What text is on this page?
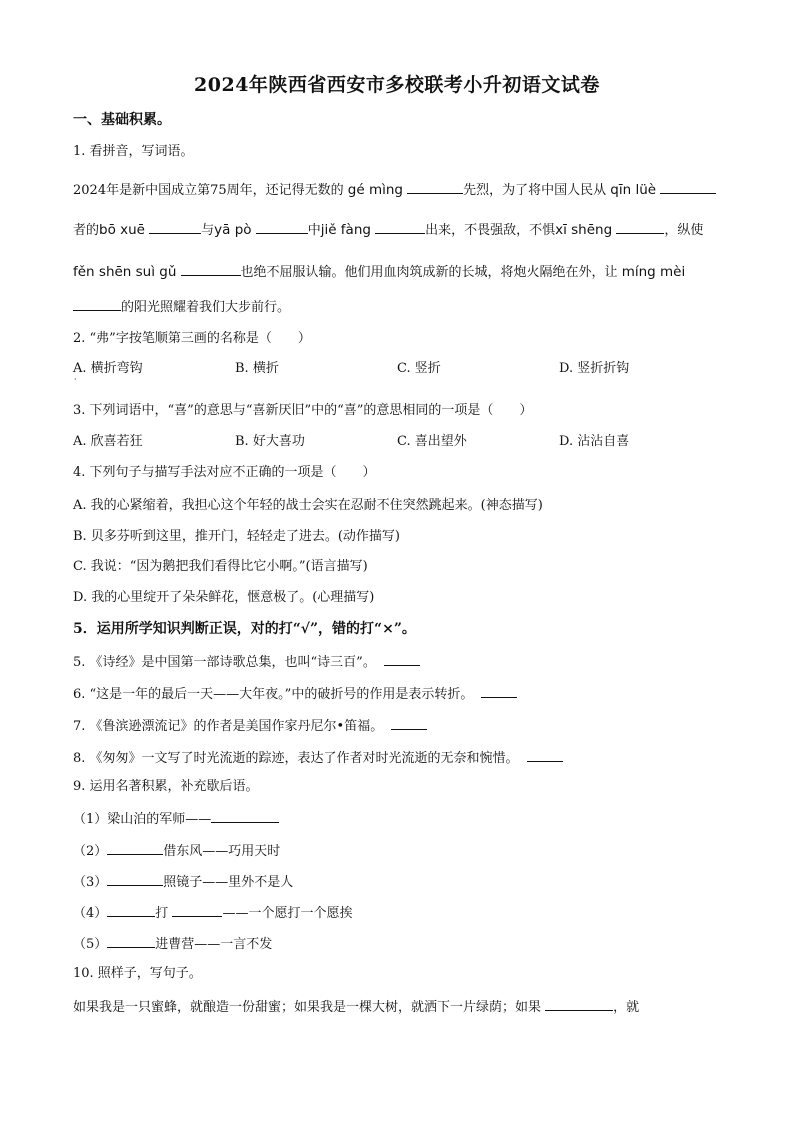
2024年陕西省西安市多校联考小升初语文试卷
一、基础积累。
1. 看拼音，写词语。
2024年是新中国成立第75周年，还记得无数的 gé mìng	先烈，为了将中国人民从 qīn lüè
者的bō xuē	与yā pò	中jiě fàng	出来，不畏强敌，不惧xī shēng	，纵使
fěn shēn suì gǔ	也绝不屈服认输。他们用血肉筑成新的长城，将炮火隔绝在外，让 míng mèi
的阳光照耀着我们大步前行。
2. “弗”字按笔顺第三画的名称是（　　）
A. 横折弯钩
·
B. 横折	C. 竖折	D. 竖折折钩
3. 下列词语中，“喜”的意思与“喜新厌旧”中的“喜”的意思相同的一项是（　　）
A. 欣喜若狂	B. 好大喜功	C. 喜出望外	D. 沾沾自喜
4. 下列句子与描写手法对应不正确的一项是（　　）
A. 我的心紧缩着，我担心这个年轻的战士会实在忍耐不住突然跳起来。(神态描写)
B. 贝多芬听到这里，推开门，轻轻走了进去。(动作描写)
C. 我说：“因为鹅把我们看得比它小啊。”(语言描写)
D. 我的心里绽开了朵朵鲜花，惬意极了。(心理描写)
5．运用所学知识判断正误，对的打“√”，错的打“×”。
5. 《诗经》是中国第一部诗歌总集，也叫“诗三百”。
6. “这是一年的最后一天——大年夜。”中的破折号的作用是表示转折。
7. 《鲁滨逊漂流记》的作者是美国作家丹尼尔•笛福。
8. 《匆匆》一文写了时光流逝的踪迹，表达了作者对时光流逝的无奈和惋惜。
9. 运用名著积累，补充歇后语。
（1）梁山泊的军师——
（2）	借东风——巧用天时
（3）	照镜子——里外不是人
（4）	打	——一个愿打一个愿挨
（5）	进曹营——一言不发
10. 照样子，写句子。
如果我是一只蜜蜂，就酿造一份甜蜜；如果我是一棵大树，就洒下一片绿荫；如果	，就
